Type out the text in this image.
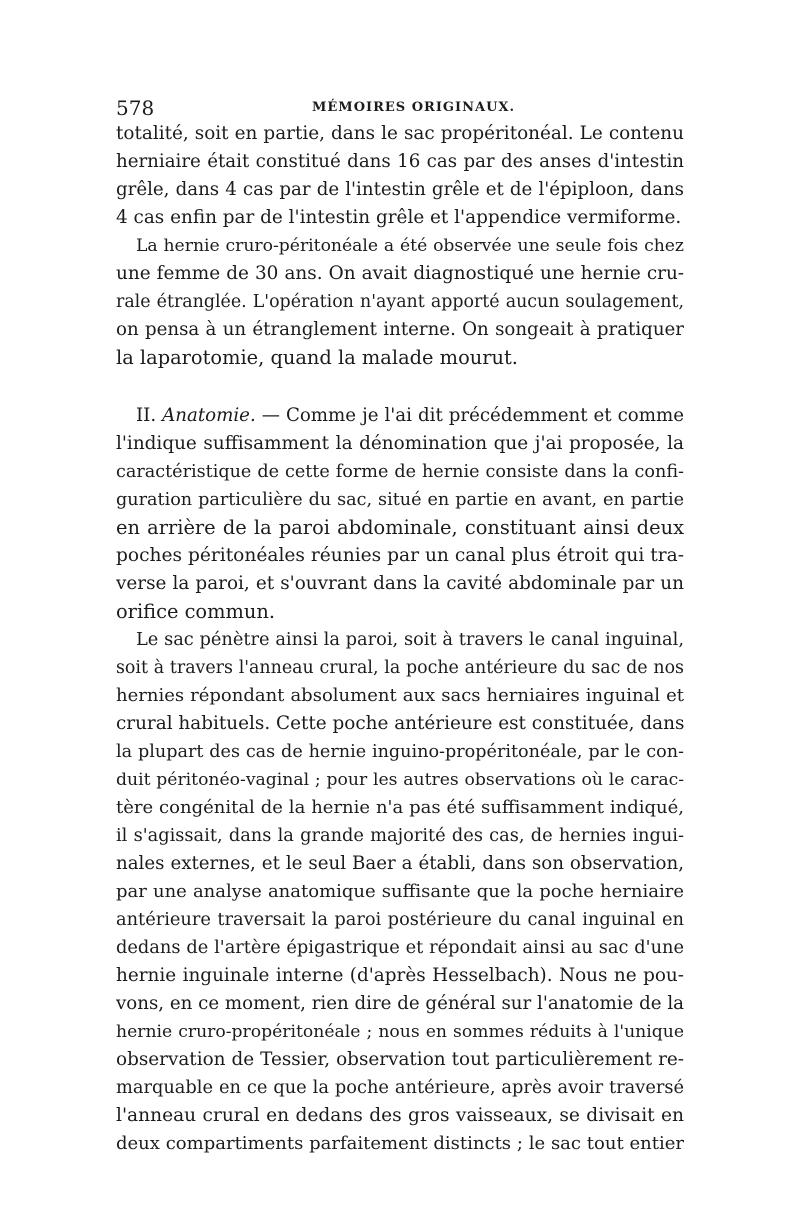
578	MÉMOIRES ORIGINAUX.
totalité, soit en partie, dans le sac propéritonéal. Le contenu
herniaire était constitué dans 16 cas par des anses d'intestin
grêle, dans 4 cas par de l'intestin grêle et de l'épiploon, dans
4 cas enfin par de l'intestin grêle et l'appendice vermiforme.
La hernie cruro-péritonéale a été observée une seule fois chez
une femme de 30 ans. On avait diagnostiqué une hernie cru-
rale étranglée. L'opération n'ayant apporté aucun soulagement,
on pensa à un étranglement interne. On songeait à pratiquer
la laparotomie, quand la malade mourut.
II. Anatomie. — Comme je l'ai dit précédemment et comme
l'indique suffisamment la dénomination que j'ai proposée, la
caractéristique de cette forme de hernie consiste dans la confi-
guration particulière du sac, situé en partie en avant, en partie
en arrière de la paroi abdominale, constituant ainsi deux
poches péritonéales réunies par un canal plus étroit qui tra-
verse la paroi, et s'ouvrant dans la cavité abdominale par un
orifice commun.
Le sac pénètre ainsi la paroi, soit à travers le canal inguinal,
soit à travers l'anneau crural, la poche antérieure du sac de nos
hernies répondant absolument aux sacs herniaires inguinal et
crural habituels. Cette poche antérieure est constituée, dans
la plupart des cas de hernie inguino-propéritonéale, par le con-
duit péritonéo-vaginal ; pour les autres observations où le carac-
tère congénital de la hernie n'a pas été suffisamment indiqué,
il s'agissait, dans la grande majorité des cas, de hernies ingui-
nales externes, et le seul Baer a établi, dans son observation,
par une analyse anatomique suffisante que la poche herniaire
antérieure traversait la paroi postérieure du canal inguinal en
dedans de l'artère épigastrique et répondait ainsi au sac d'une
hernie inguinale interne (d'après Hesselbach). Nous ne pou-
vons, en ce moment, rien dire de général sur l'anatomie de la
hernie cruro-propéritonéale ; nous en sommes réduits à l'unique
observation de Tessier, observation tout particulièrement re-
marquable en ce que la poche antérieure, après avoir traversé
l'anneau crural en dedans des gros vaisseaux, se divisait en
deux compartiments parfaitement distincts ; le sac tout entier
